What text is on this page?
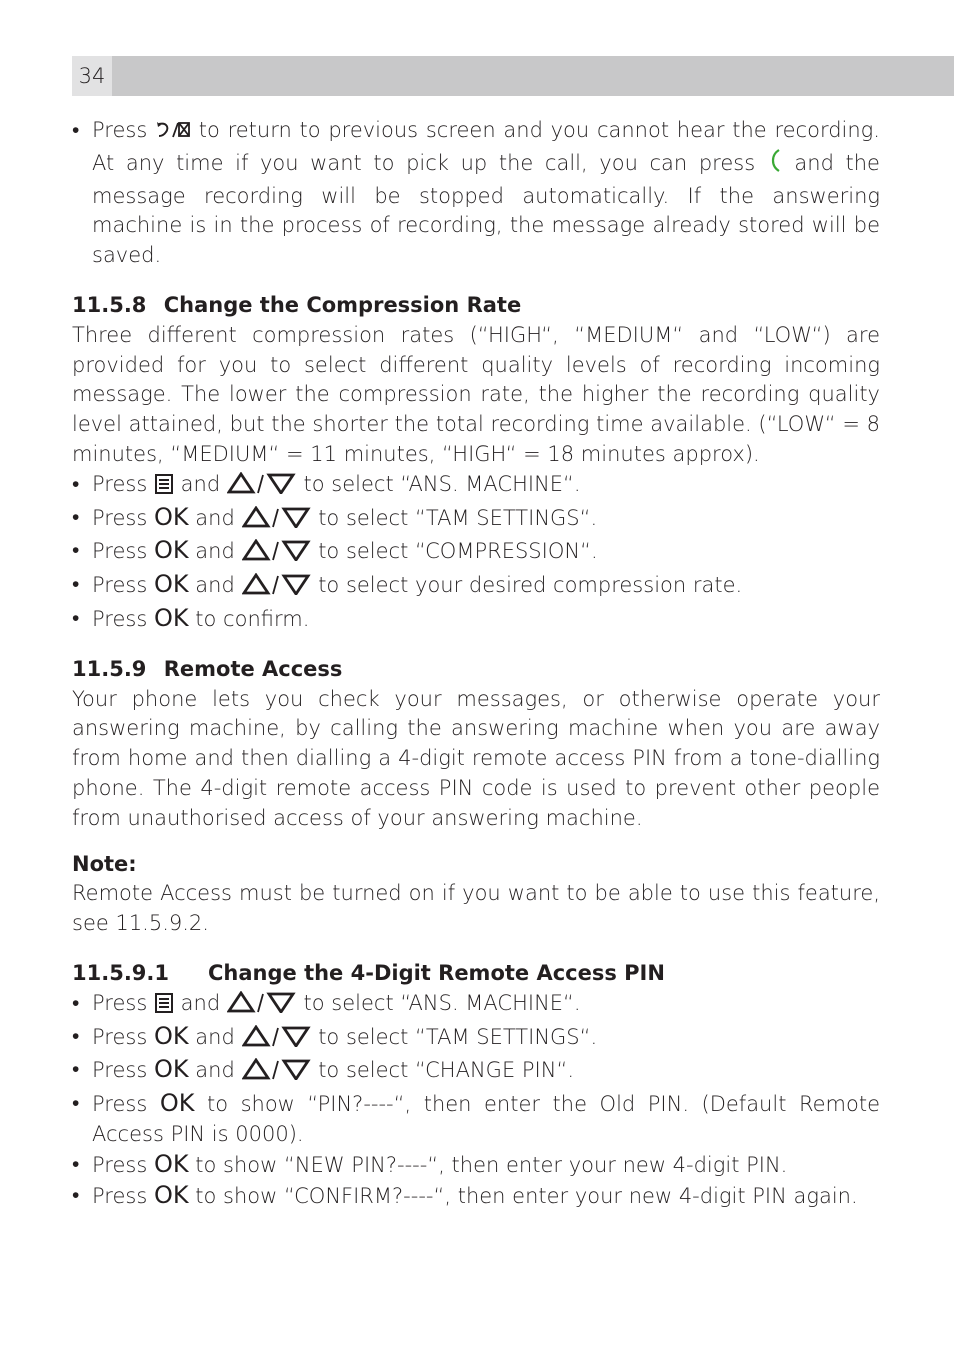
34

• Press to return to previous screen and you cannot hear the recording. At any time if you want to pick up the call, you can press and the message recording will be stopped automatically. If the answering machine is in the process of recording, the message already stored will be saved.

11.5.8 Change the Compression Rate

Three different compression rates (“HIGH“, “MEDIUM“ and “LOW“) are provided for you to select different quality levels of recording incoming message. The lower the compression rate, the higher the recording quality level attained, but the shorter the total recording time available. (“LOW“ = 8 minutes, “MEDIUM“ = 11 minutes, “HIGH“ = 18 minutes approx).

• Press and	to select “ANS. MACHINE“.

• Press OK and	to select “TAM SETTINGS“.

• Press OK and	to select “COMPRESSION“.

• Press OK and	to select your desired compression rate.

• Press OK to confirm.

11.5.9 Remote Access

Your phone lets you check your messages, or otherwise operate your answering machine, by calling the answering machine when you are away from home and then dialling a 4-digit remote access PIN from a tone-dialling phone. The 4-digit remote access PIN code is used to prevent other people from unauthorised access of your answering machine.

Note:

Remote Access must be turned on if you want to be able to use this feature, see 11.5.9.2.

11.5.9.1 Change the 4-Digit Remote Access PIN

• Press and	to select “ANS. MACHINE“.

• Press OK and	to select “TAM SETTINGS“.

• Press OK and	to select “CHANGE PIN“.

• Press OK to show “PIN?----“, then enter the Old PIN. (Default Remote Access PIN is 0000).

• Press OK to show “NEW PIN?----“, then enter your new 4-digit PIN.

• Press OK to show “CONFIRM?----“, then enter your new 4-digit PIN again.
